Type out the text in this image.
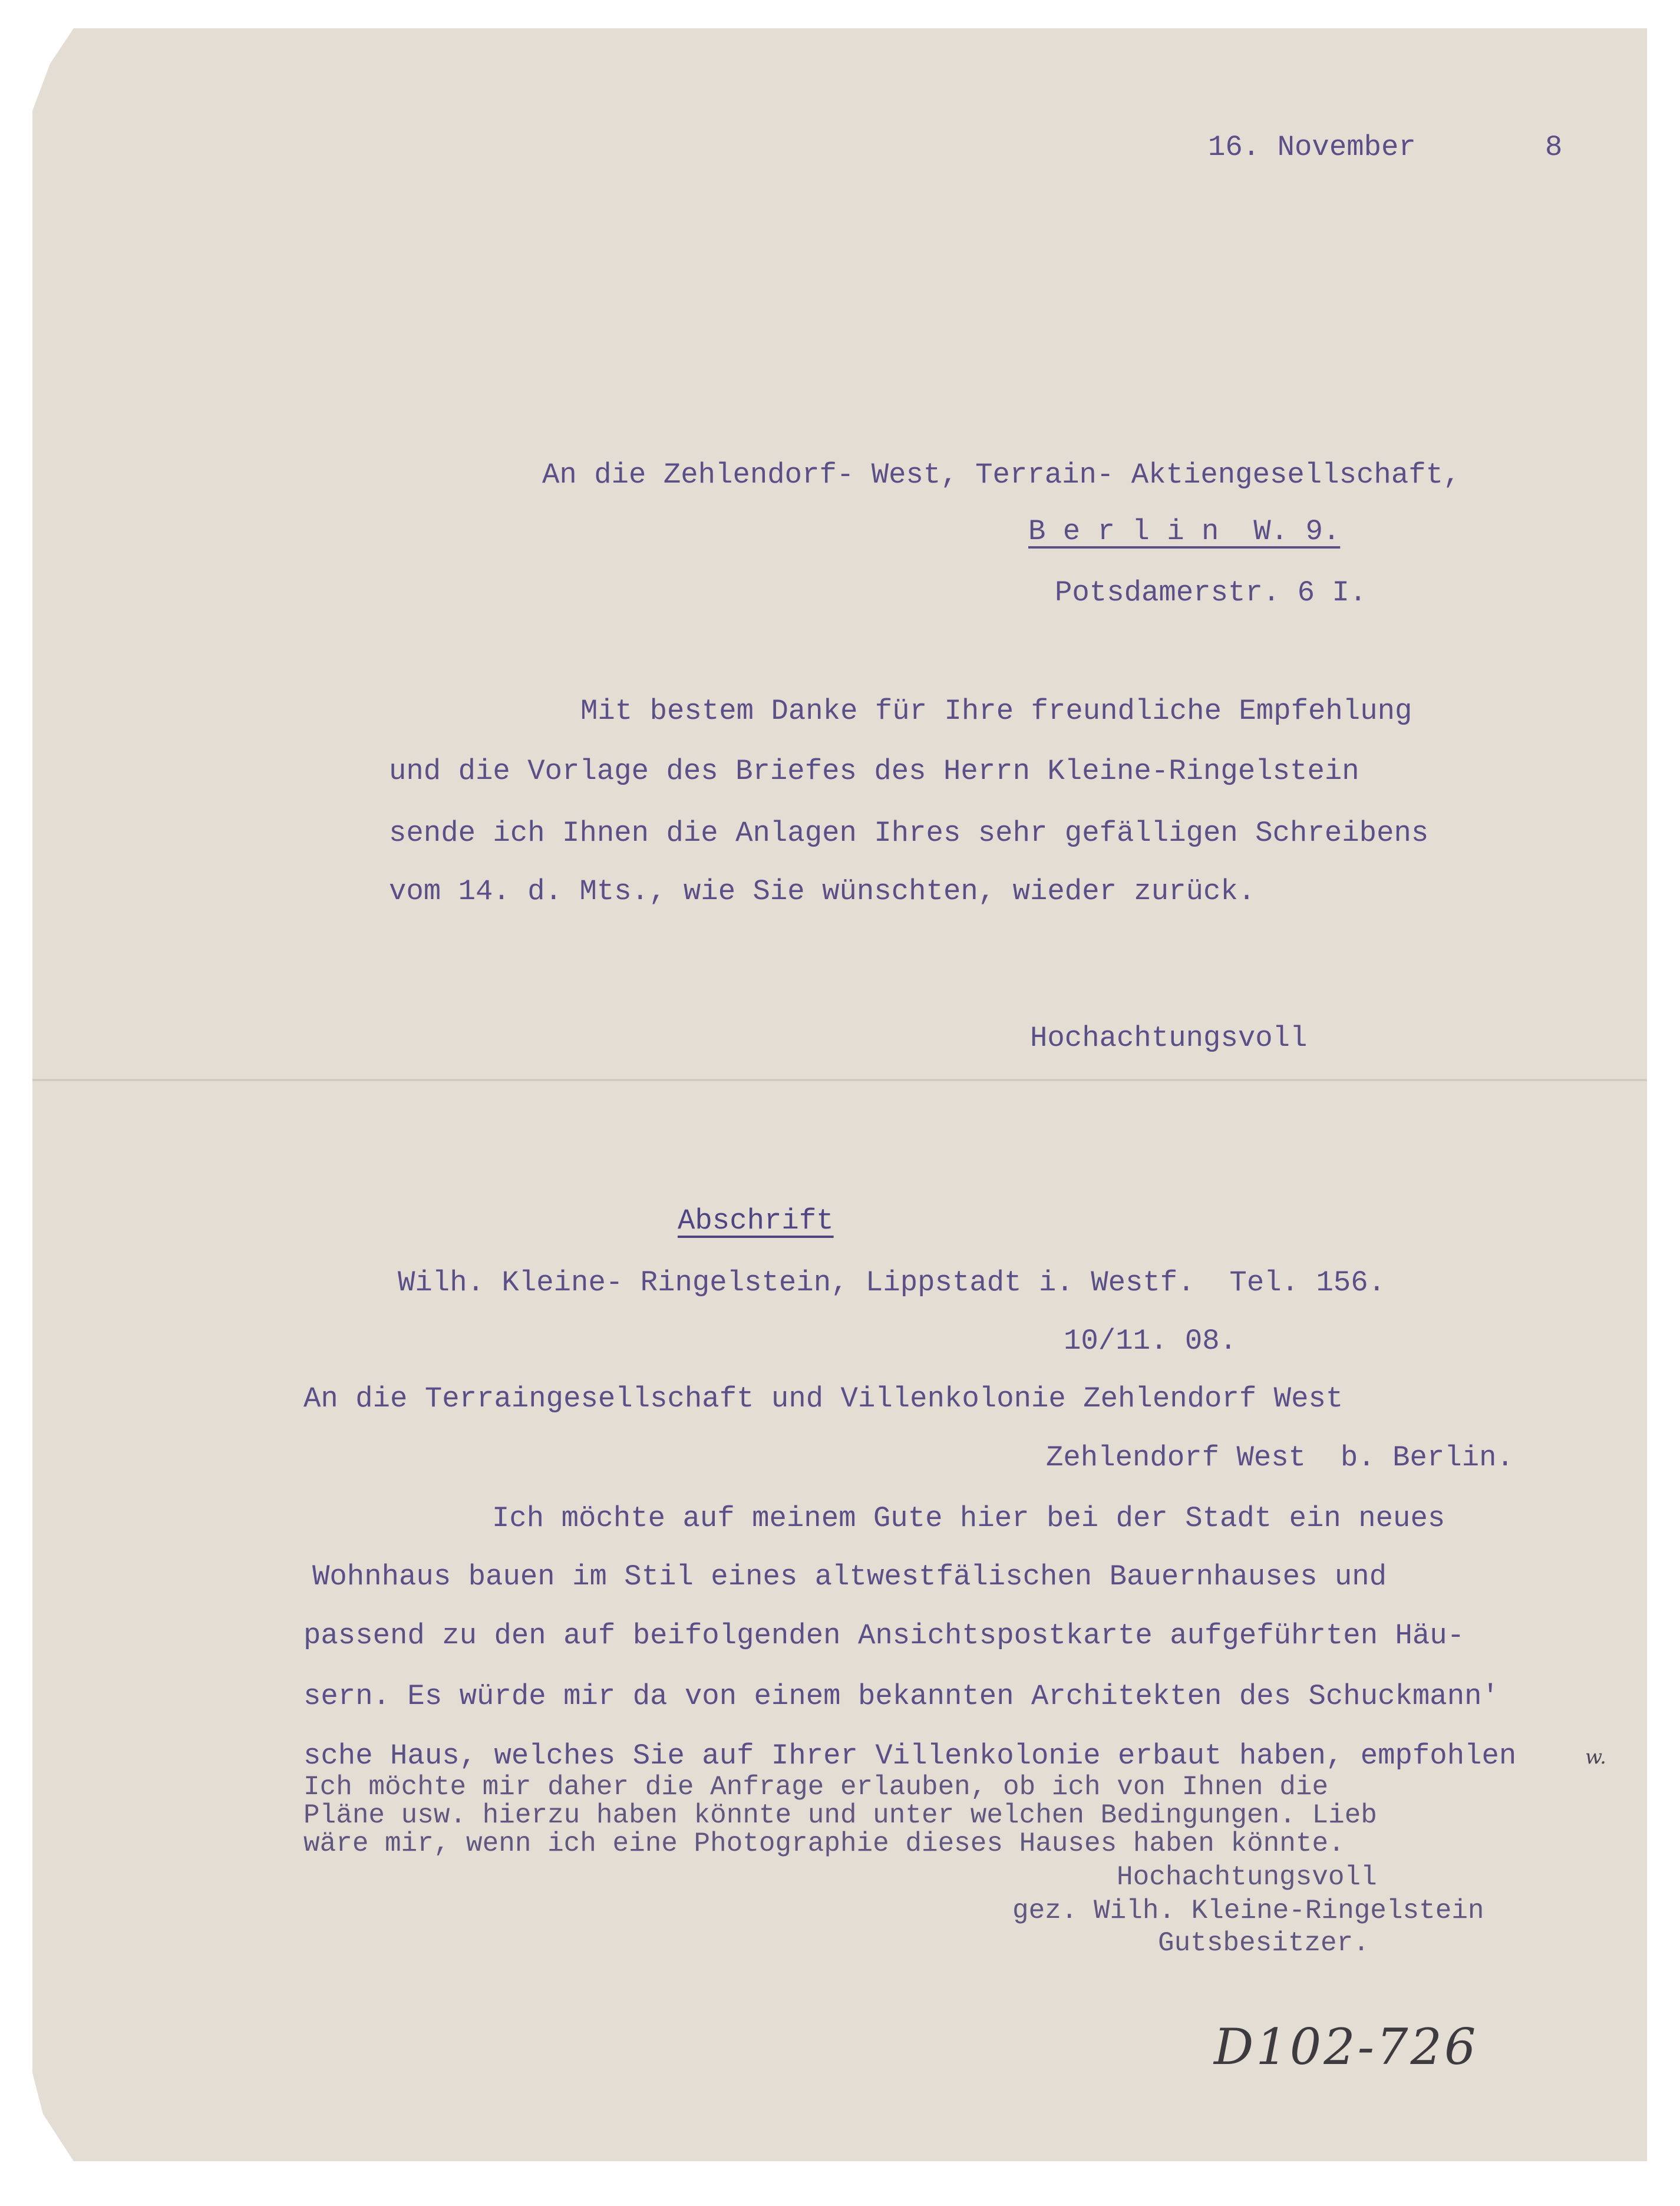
16. November	8
An die Zehlendorf- West, Terrain- Aktiengesellschaft,
B e r l i n  W. 9.
Potsdamerstr. 6 I.
Mit bestem Danke für Ihre freundliche Empfehlung
und die Vorlage des Briefes des Herrn Kleine-Ringelstein
sende ich Ihnen die Anlagen Ihres sehr gefälligen Schreibens
vom 14. d. Mts., wie Sie wünschten, wieder zurück.
Hochachtungsvoll
Abschrift
Wilh. Kleine- Ringelstein, Lippstadt i. Westf.  Tel. 156.
10/11. 08.
An die Terraingesellschaft und Villenkolonie Zehlendorf West
Zehlendorf West  b. Berlin.
Ich möchte auf meinem Gute hier bei der Stadt ein neues
Wohnhaus bauen im Stil eines altwestfälischen Bauernhauses und
passend zu den auf beifolgenden Ansichtspostkarte aufgeführten Häu-
sern. Es würde mir da von einem bekannten Architekten des Schuckmann'
sche Haus, welches Sie auf Ihrer Villenkolonie erbaut haben, empfohlen	w.
Ich möchte mir daher die Anfrage erlauben, ob ich von Ihnen die
Pläne usw. hierzu haben könnte und unter welchen Bedingungen. Lieb
wäre mir, wenn ich eine Photographie dieses Hauses haben könnte.
Hochachtungsvoll
gez. Wilh. Kleine-Ringelstein
Gutsbesitzer.
D102-726
